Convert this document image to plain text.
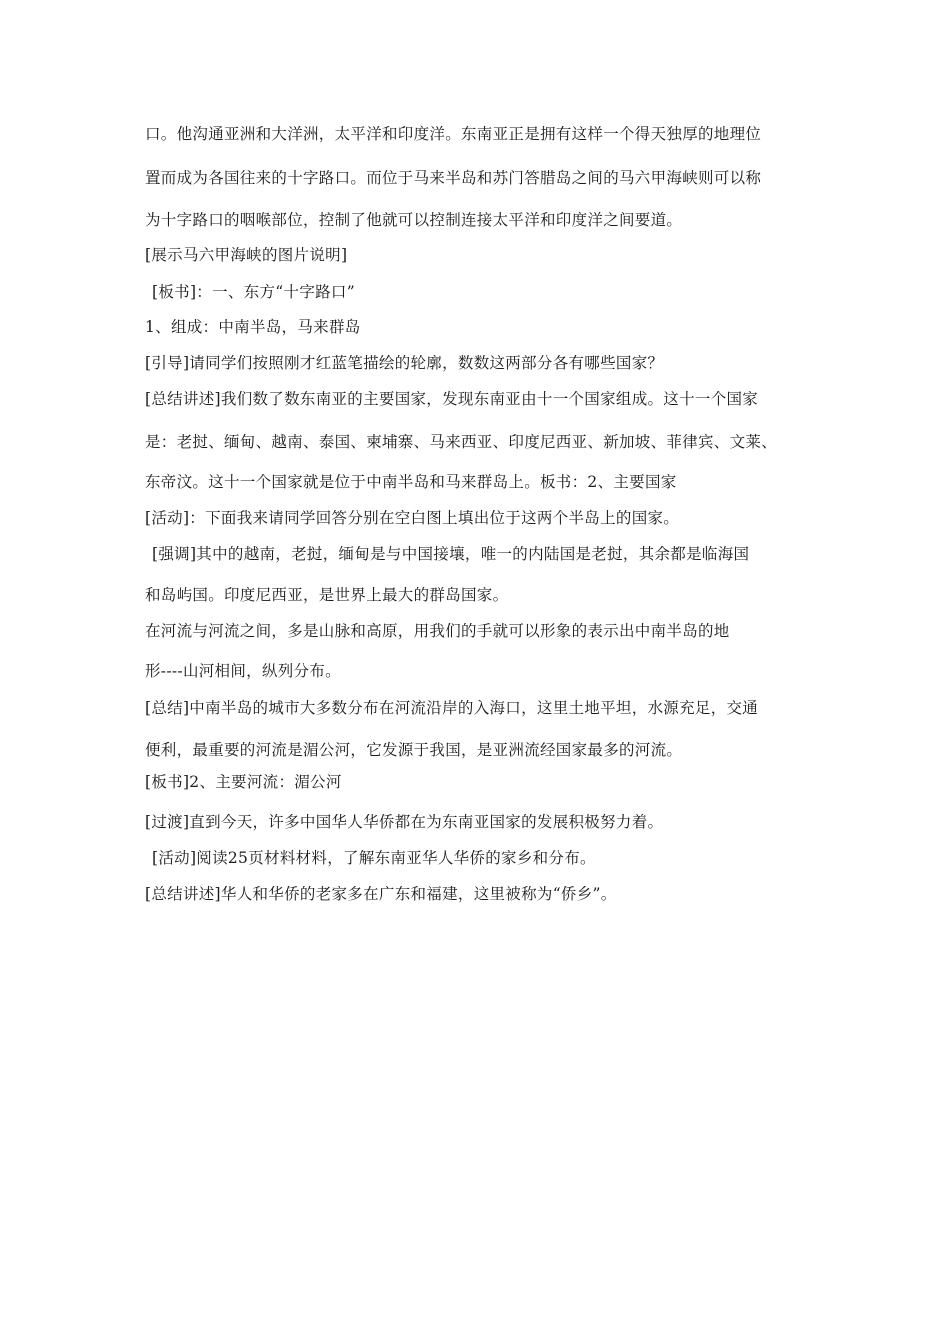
口。他沟通亚洲和大洋洲，太平洋和印度洋。东南亚正是拥有这样一个得天独厚的地理位
置而成为各国往来的十字路口。而位于马来半岛和苏门答腊岛之间的马六甲海峡则可以称
为十字路口的咽喉部位，控制了他就可以控制连接太平洋和印度洋之间要道。
[展示马六甲海峡的图片说明]
[板书]：一、东方“十字路口”
1、组成：中南半岛，马来群岛
[引导]请同学们按照刚才红蓝笔描绘的轮廓，数数这两部分各有哪些国家？
[总结讲述]我们数了数东南亚的主要国家，发现东南亚由十一个国家组成。这十一个国家
是：老挝、缅甸、越南、泰国、柬埔寨、马来西亚、印度尼西亚、新加坡、菲律宾、文莱、
东帝汶。这十一个国家就是位于中南半岛和马来群岛上。板书：2、主要国家
[活动]：下面我来请同学回答分别在空白图上填出位于这两个半岛上的国家。
[强调]其中的越南，老挝，缅甸是与中国接壤，唯一的内陆国是老挝，其余都是临海国
和岛屿国。印度尼西亚，是世界上最大的群岛国家。
在河流与河流之间，多是山脉和高原，用我们的手就可以形象的表示出中南半岛的地
形----山河相间，纵列分布。
[总结]中南半岛的城市大多数分布在河流沿岸的入海口，这里土地平坦，水源充足，交通
便利，最重要的河流是湄公河，它发源于我国，是亚洲流经国家最多的河流。
[板书]2、主要河流：湄公河
[过渡]直到今天，许多中国华人华侨都在为东南亚国家的发展积极努力着。
[活动]阅读25页材料材料，了解东南亚华人华侨的家乡和分布。
[总结讲述]华人和华侨的老家多在广东和福建，这里被称为“侨乡”。
